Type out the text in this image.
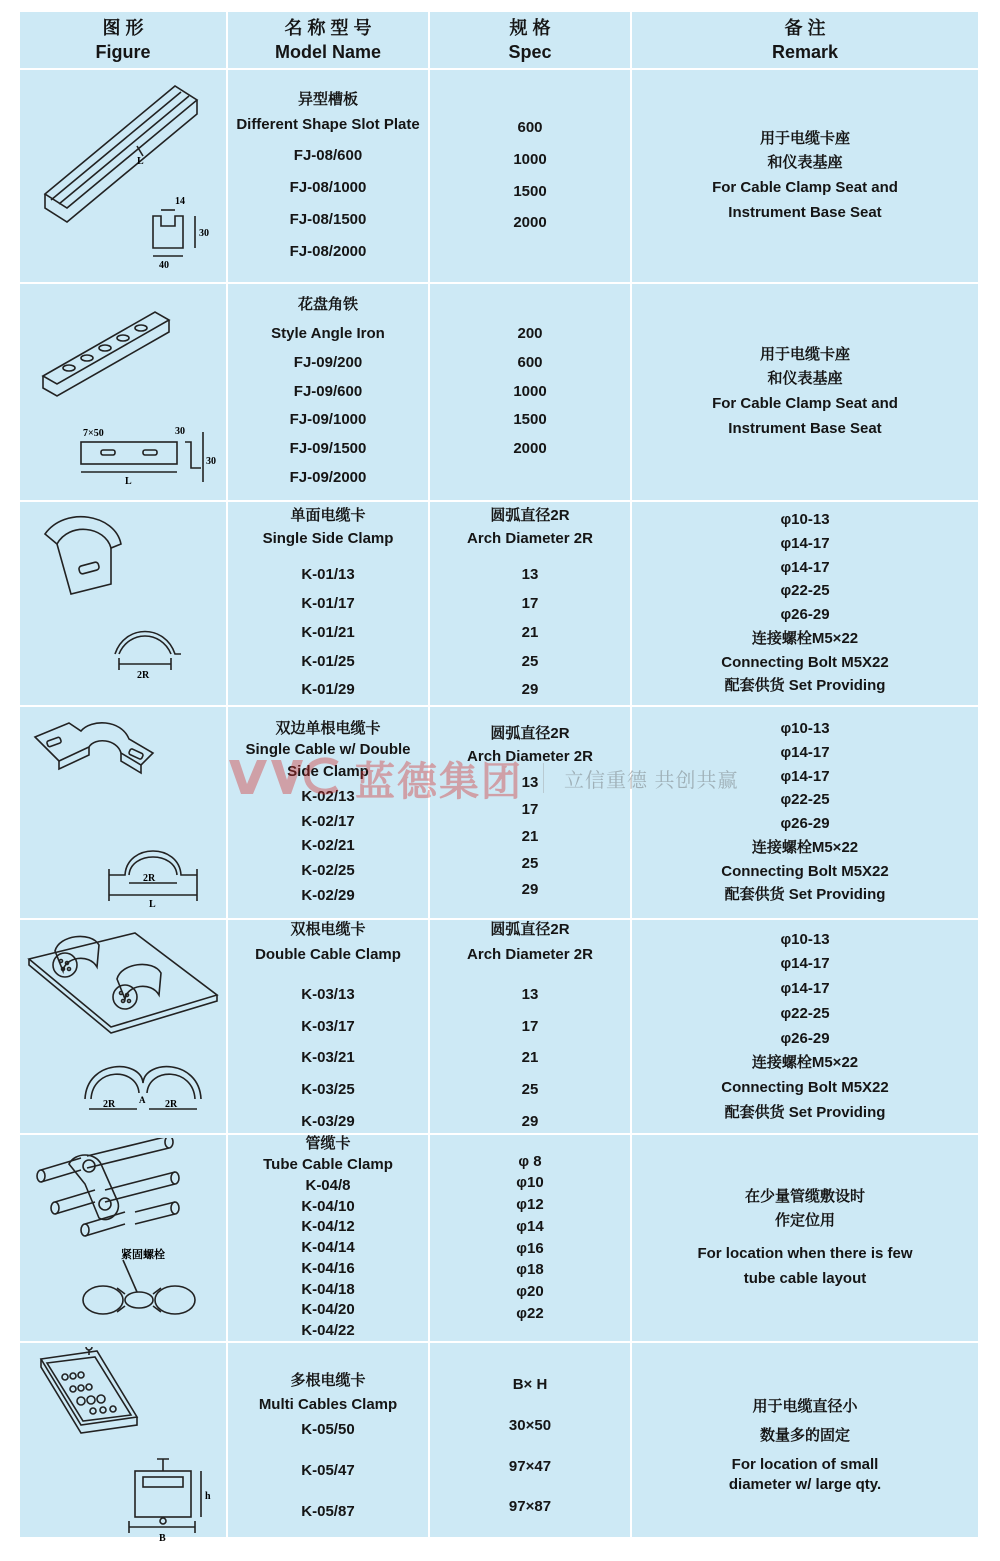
图 形
Figure
名 称 型 号
Model Name
规 格
Spec
备 注
Remark
L
14
30
40
异型槽板
Different Shape Slot Plate
FJ-08/600
FJ-08/1000
FJ-08/1500
FJ-08/2000
600
1000
1500
2000
用于电缆卡座
和仪表基座
For Cable Clamp Seat and
Instrument Base Seat
7×50
L
30
30
花盘角铁
Style Angle Iron
FJ-09/200
FJ-09/600
FJ-09/1000
FJ-09/1500
FJ-09/2000
200
600
1000
1500
2000
用于电缆卡座
和仪表基座
For Cable Clamp Seat and
Instrument Base Seat
2R
单面电缆卡
Single Side Clamp
K-01/13
K-01/17
K-01/21
K-01/25
K-01/29
圆弧直径2R
Arch Diameter 2R
13
17
21
25
29
φ10-13
φ14-17
φ14-17
φ22-25
φ26-29
连接螺栓M5×22
Connecting Bolt M5X22
配套供货 Set Providing
2R
L
双边单根电缆卡
Single Cable w/ Double
Side Clamp
K-02/13
K-02/17
K-02/21
K-02/25
K-02/29
圆弧直径2R
Arch Diameter 2R
13
17
21
25
29
φ10-13
φ14-17
φ14-17
φ22-25
φ26-29
连接螺栓M5×22
Connecting Bolt M5X22
配套供货 Set Providing
2R	A 2R
双根电缆卡
Double Cable Clamp
K-03/13
K-03/17
K-03/21
K-03/25
K-03/29
圆弧直径2R
Arch Diameter 2R
13
17
21
25
29
φ10-13
φ14-17
φ14-17
φ22-25
φ26-29
连接螺栓M5×22
Connecting Bolt M5X22
配套供货 Set Providing
紧固螺栓
管缆卡
Tube Cable Clamp
K-04/8
K-04/10
K-04/12
K-04/14
K-04/16
K-04/18
K-04/20
K-04/22
φ 8
φ10
φ12
φ14
φ16
φ18
φ20
φ22
在少量管缆敷设时
作定位用
For location when there is few
tube cable layout
h
B
多根电缆卡
Multi Cables Clamp
K-05/50
K-05/47
K-05/87
B× H
30×50
97×47
97×87
用于电缆直径小
数量多的固定
For location of small
diameter w/ large qty.
蓝德集团 立信重德 共创共赢
